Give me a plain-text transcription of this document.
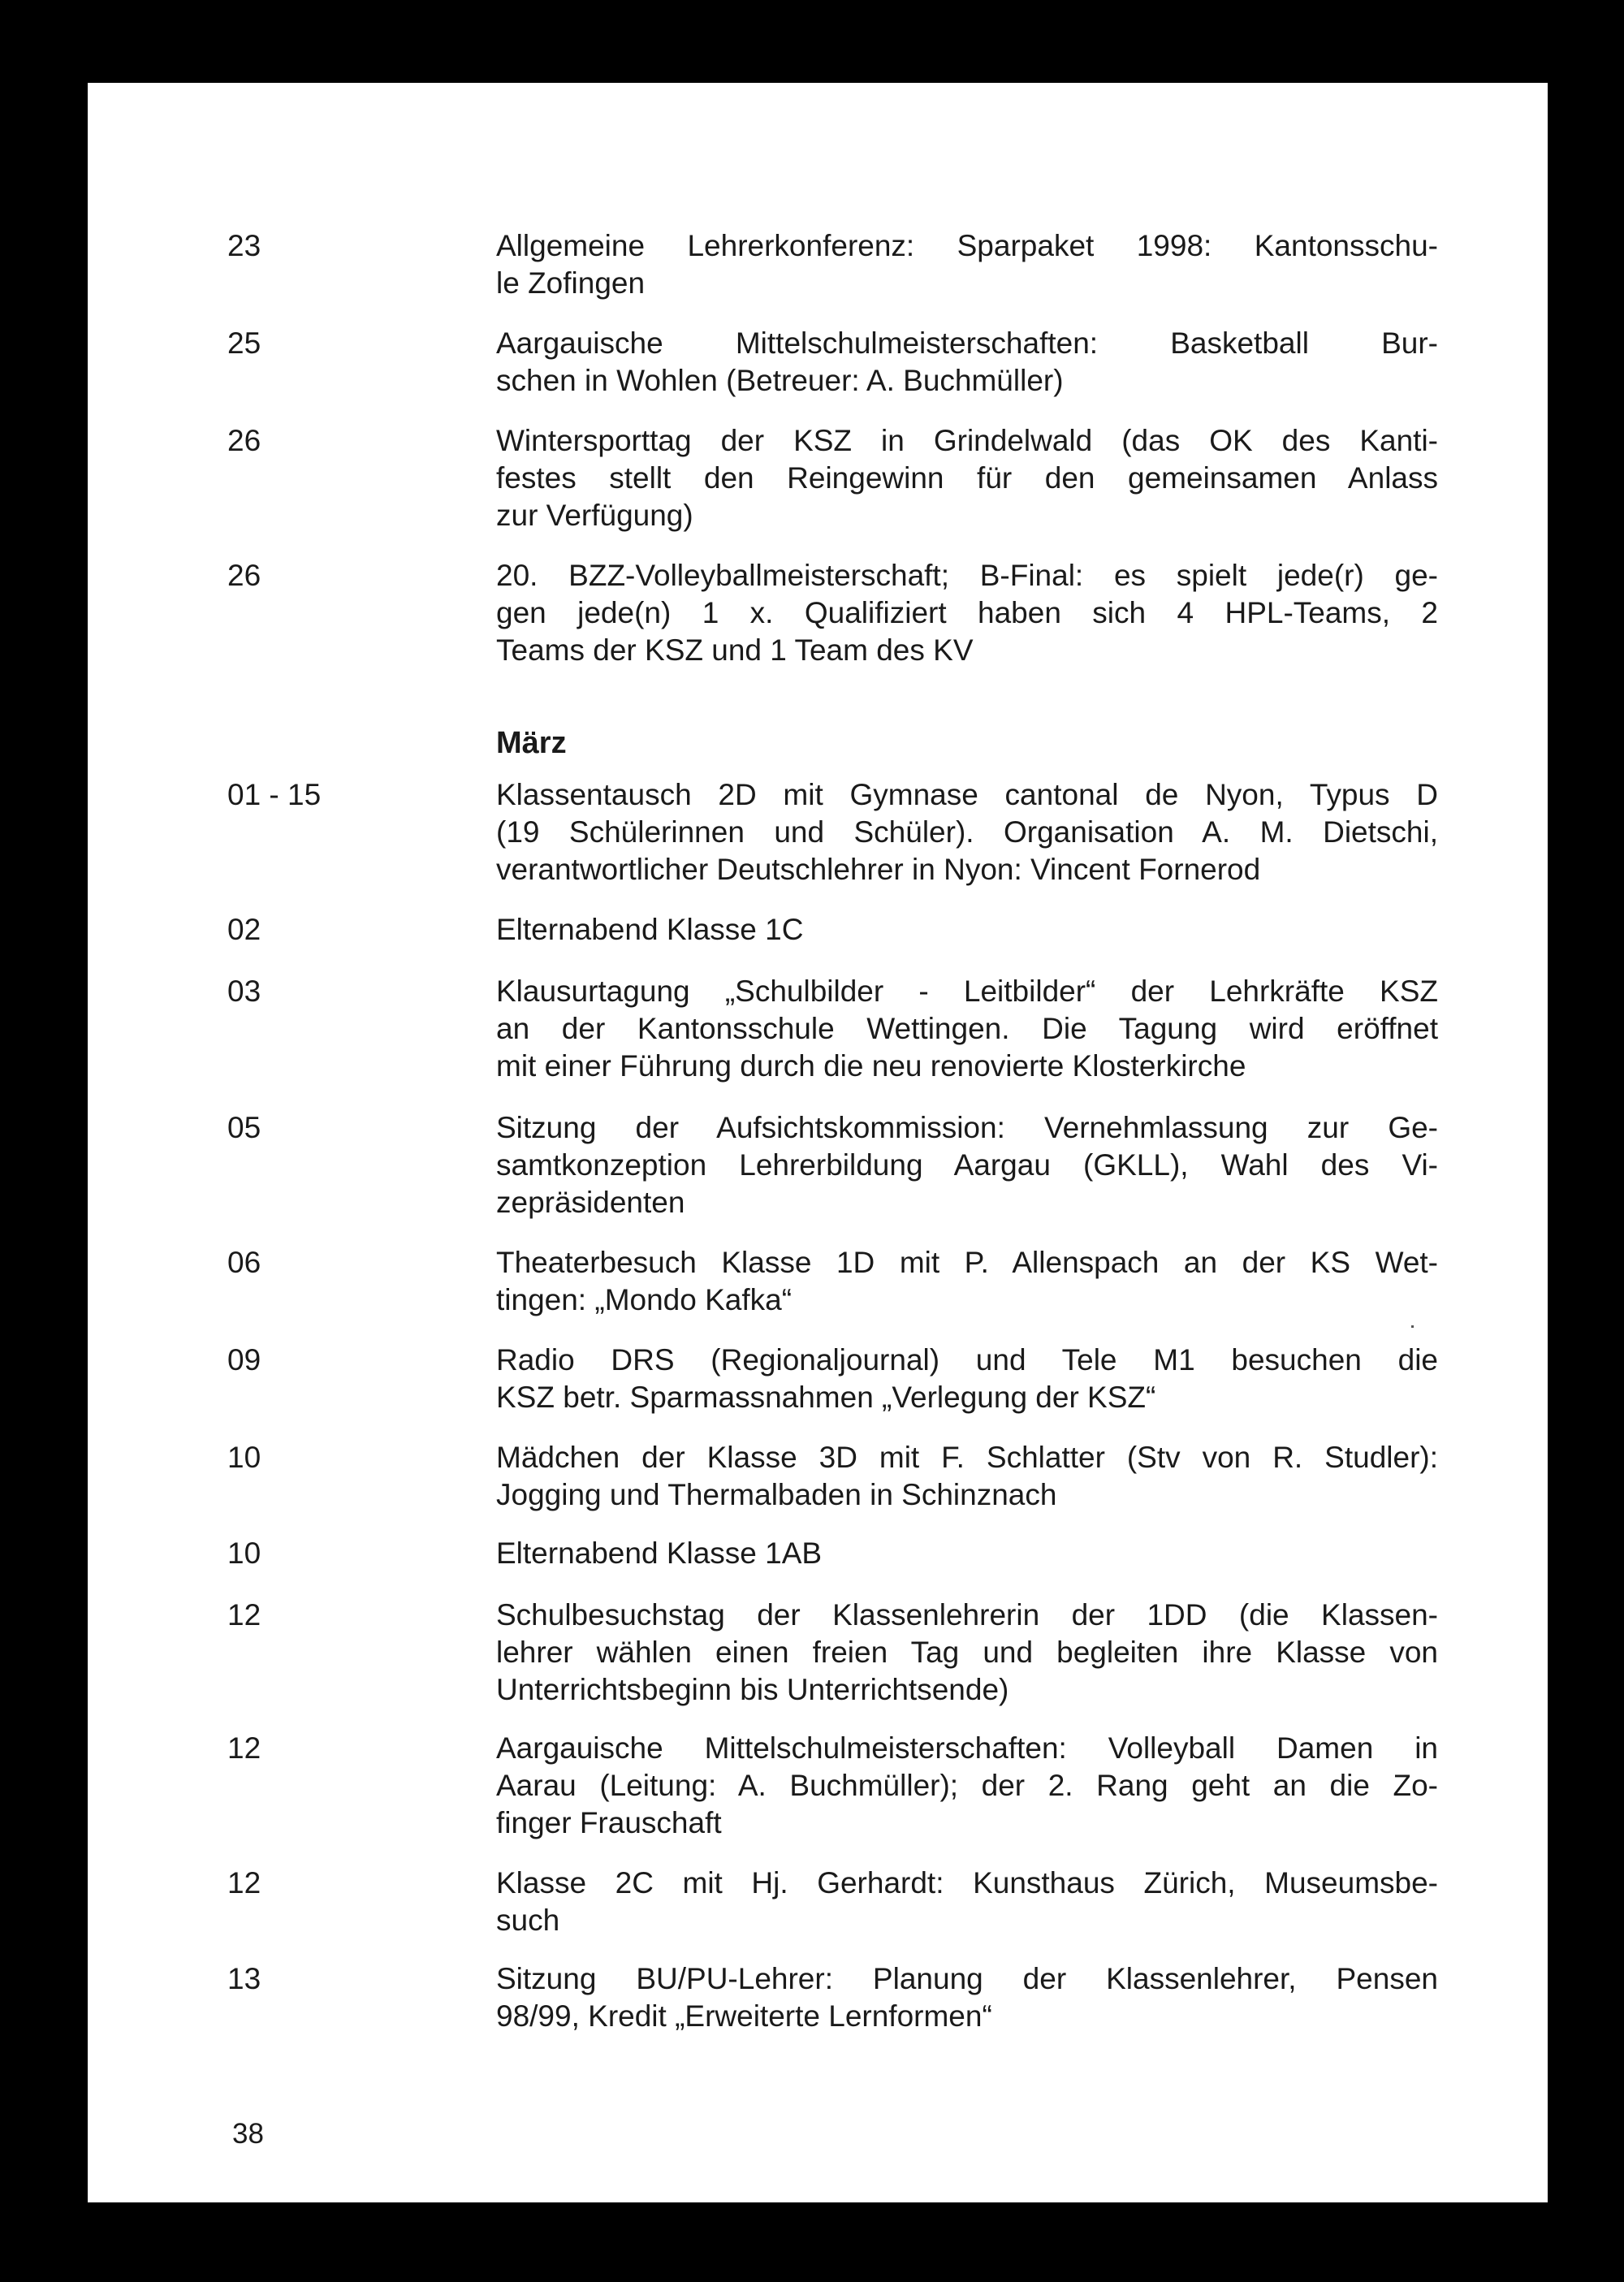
23	Allgemeine Lehrerkonferenz: Sparpaket 1998: Kantonsschu-
le Zofingen
25	Aargauische Mittelschulmeisterschaften: Basketball Bur-
schen in Wohlen (Betreuer: A. Buchmüller)
26	Wintersporttag der KSZ in Grindelwald (das OK des Kanti-
festes stellt den Reingewinn für den gemeinsamen Anlass
zur Verfügung)
26	20. BZZ-Volleyballmeisterschaft; B-Final: es spielt jede(r) ge-
gen jede(n) 1 x. Qualifiziert haben sich 4 HPL-Teams, 2
Teams der KSZ und 1 Team des KV
01 - 15	Klassentausch 2D mit Gymnase cantonal de Nyon, Typus D
(19 Schülerinnen und Schüler). Organisation A. M. Dietschi,
verantwortlicher Deutschlehrer in Nyon: Vincent Fornerod
02	Elternabend Klasse 1C
03	Klausurtagung „Schulbilder - Leitbilder“ der Lehrkräfte KSZ
an der Kantonsschule Wettingen. Die Tagung wird eröffnet
mit einer Führung durch die neu renovierte Klosterkirche
05	Sitzung der Aufsichtskommission: Vernehmlassung zur Ge-
samtkonzeption Lehrerbildung Aargau (GKLL), Wahl des Vi-
zepräsidenten
06	Theaterbesuch Klasse 1D mit P. Allenspach an der KS Wet-
tingen: „Mondo Kafka“
09	Radio DRS (Regionaljournal) und Tele M1 besuchen die
KSZ betr. Sparmassnahmen „Verlegung der KSZ“
10	Mädchen der Klasse 3D mit F. Schlatter (Stv von R. Studler):
Jogging und Thermalbaden in Schinznach
10	Elternabend Klasse 1AB
12	Schulbesuchstag der Klassenlehrerin der 1DD (die Klassen-
lehrer wählen einen freien Tag und begleiten ihre Klasse von
Unterrichtsbeginn bis Unterrichtsende)
12	Aargauische Mittelschulmeisterschaften: Volleyball Damen in
Aarau (Leitung: A. Buchmüller); der 2. Rang geht an die Zo-
finger Frauschaft
12	Klasse 2C mit Hj. Gerhardt: Kunsthaus Zürich, Museumsbe-
such
13	Sitzung BU/PU-Lehrer: Planung der Klassenlehrer, Pensen
98/99, Kredit „Erweiterte Lernformen“
März
38
